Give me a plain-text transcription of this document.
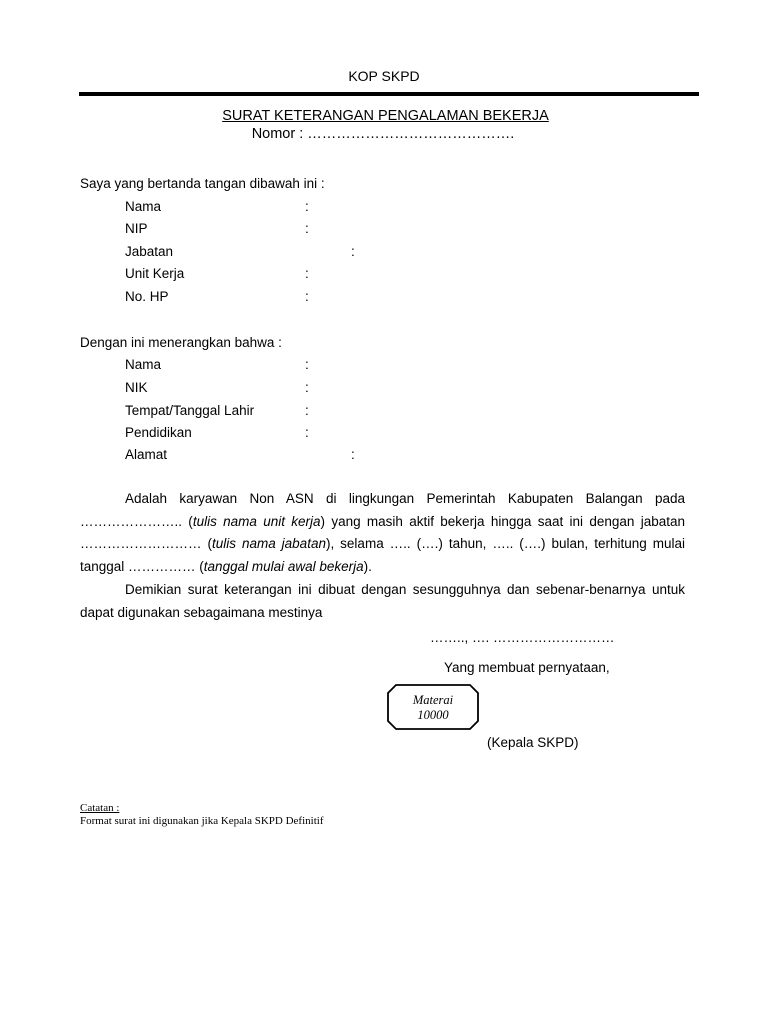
KOP SKPD
SURAT KETERANGAN PENGALAMAN BEKERJA
Nomor : …………………………………….
Saya yang bertanda tangan dibawah ini :
Nama	:
NIP	:
Jabatan	:
Unit Kerja	:
No. HP	:
Dengan ini menerangkan bahwa :
Nama	:
NIK	:
Tempat/Tanggal Lahir	:
Pendidikan	:
Alamat	:
Adalah karyawan Non ASN di lingkungan Pemerintah Kabupaten Balangan pada ………………….. (tulis nama unit kerja) yang masih aktif bekerja hingga saat ini dengan jabatan ……………………… (tulis nama jabatan), selama ….. (….) tahun, ….. (….) bulan, terhitung mulai tanggal …………… (tanggal mulai awal bekerja).
Demikian surat keterangan ini dibuat dengan sesungguhnya dan sebenar-benarnya untuk dapat digunakan sebagaimana mestinya
…….., …. ………………………
Yang membuat pernyataan,
Materai
10000
(Kepala SKPD)
Catatan :
Format surat ini digunakan jika Kepala SKPD Definitif
